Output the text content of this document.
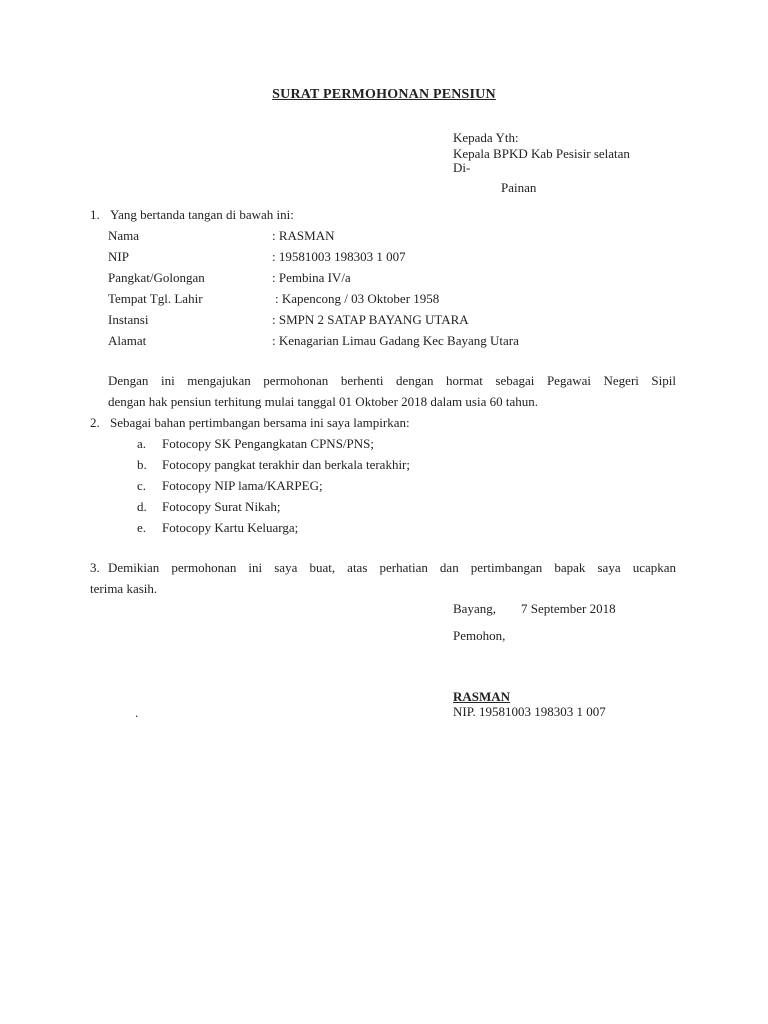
SURAT PERMOHONAN PENSIUN
Kepada Yth:
Kepala BPKD Kab Pesisir selatan
Di-
Painan
1. Yang bertanda tangan di bawah ini:
Nama	: RASMAN
NIP	: 19581003 198303 1 007
Pangkat/Golongan	: Pembina IV/a
Tempat Tgl. Lahir	: Kapencong / 03 Oktober 1958
Instansi	: SMPN 2 SATAP BAYANG UTARA
Alamat	: Kenagarian Limau Gadang Kec Bayang Utara
Dengan ini mengajukan permohonan berhenti dengan hormat sebagai Pegawai Negeri Sipil
dengan hak pensiun terhitung mulai tanggal 01 Oktober 2018 dalam usia 60 tahun.
2. Sebagai bahan pertimbangan bersama ini saya lampirkan:
a. Fotocopy SK Pengangkatan CPNS/PNS;
b. Fotocopy pangkat terakhir dan berkala terakhir;
c. Fotocopy NIP lama/KARPEG;
d. Fotocopy Surat Nikah;
e. Fotocopy Kartu Keluarga;
3. Demikian permohonan ini saya buat, atas perhatian dan pertimbangan bapak saya ucapkan
terima kasih.
Bayang, 7 September 2018
Pemohon,
RASMAN
NIP. 19581003 198303 1 007
.
